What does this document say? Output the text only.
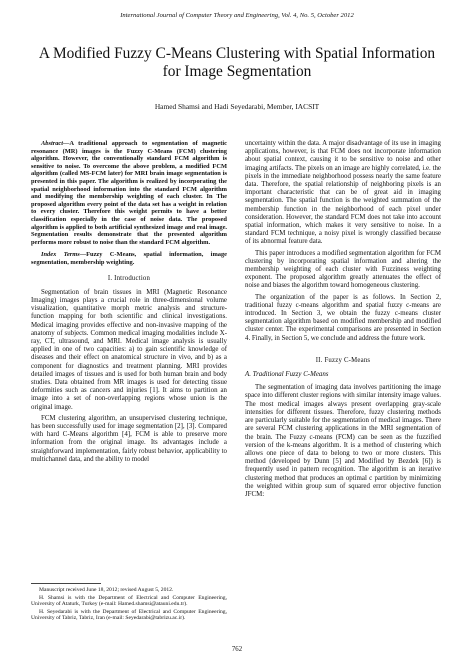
International Journal of Computer Theory and Engineering, Vol. 4, No. 5, October 2012
A Modified Fuzzy C-Means Clustering with Spatial Information for Image Segmentation
Hamed Shamsi and Hadi Seyedarabi, Member, IACSIT

Abstract—A traditional approach to segmentation of magnetic resonance (MR) images is the Fuzzy C-Means (FCM) clustering algorithm. However, the conventionally standard FCM algorithm is sensitive to noise. To overcome the above problem, a modified FCM algorithm (called MS-FCM later) for MRI brain image segmentation is presented in this paper. The algorithm is realized by incorporating the spatial neighborhood information into the standard FCM algorithm and modifying the membership weighting of each cluster. In The proposed algorithm every point of the data set has a weight in relation to every cluster. Therefore this weight permits to have a better classification especially in the case of noise data. The proposed algorithm is applied to both artificial synthesized image and real image. Segmentation results demonstrate that the presented algorithm performs more robust to noise than the standard FCM algorithm.

Index Terms—Fuzzy C-Means, spatial information, image segmentation, membership weighting.

I. Introduction

Segmentation of brain tissues in MRI (Magnetic Resonance Imaging) images plays a crucial role in three-dimensional volume visualization, quantitative morph metric analysis and structure-function mapping for both scientific and clinical investigations. Medical imaging provides effective and non-invasive mapping of the anatomy of subjects. Common medical imaging modalities include X-ray, CT, ultrasound, and MRI. Medical image analysis is usually applied in one of two capacities: a) to gain scientific knowledge of diseases and their effect on anatomical structure in vivo, and b) as a component for diagnostics and treatment planning. MRI provides detailed images of tissues and is used for both human brain and body studies. Data obtained from MR images is used for detecting tissue deformities such as cancers and injuries [1]. It aims to partition an image into a set of non-overlapping regions whose union is the original image.

FCM clustering algorithm, an unsupervised clustering technique, has been successfully used for image segmentation [2], [3]. Compared with hard C-Means algorithm [4], FCM is able to preserve more information from the original image. Its advantages include a straightforward implementation, fairly robust behavior, applicability to multichannel data, and the ability to model

Manuscript received June 18, 2012; revised August 5, 2012.

H. Shamsi is with the Department of Electrical and Computer Engineering, University of Ataturk, Turkey (e-mail: Hamed.shamsi@atauni.edu.tr).

H. Seyedarabi is with the Department of Electrical and Computer Engineering, University of Tabriz, Tabriz, Iran (e-mail: Seyedarabi@tabrizu.ac.ir).

uncertainty within the data. A major disadvantage of its use in imaging applications, however, is that FCM does not incorporate information about spatial context, causing it to be sensitive to noise and other imaging artifacts. The pixels on an image are highly correlated, i.e. the pixels in the immediate neighborhood possess nearly the same feature data. Therefore, the spatial relationship of neighboring pixels is an important characteristic that can be of great aid in imaging segmentation. The spatial function is the weighted summation of the membership function in the neighborhood of each pixel under consideration. However, the standard FCM does not take into account spatial information, which makes it very sensitive to noise. In a standard FCM technique, a noisy pixel is wrongly classified because of its abnormal feature data.

This paper introduces a modified segmentation algorithm for FCM clustering by incorporating spatial information and altering the membership weighting of each cluster with Fuzziness weighting exponent. The proposed algorithm greatly attenuates the effect of noise and biases the algorithm toward homogeneous clustering.

The organization of the paper is as follows. In Section 2, traditional fuzzy c-means algorithm and spatial fuzzy c-means are introduced. In Section 3, we obtain the fuzzy c-means cluster segmentation algorithm based on modified membership and modified cluster center. The experimental comparisons are presented in Section 4. Finally, in Section 5, we conclude and address the future work.

II. Fuzzy C-Means
A. Traditional Fuzzy C-Means

The segmentation of imaging data involves partitioning the image space into different cluster regions with similar intensity image values. The most medical images always present overlapping gray-scale intensities for different tissues. Therefore, fuzzy clustering methods are particularly suitable for the segmentation of medical images. There are several FCM clustering applications in the MRI segmentation of the brain. The Fuzzy c-means (FCM) can be seen as the fuzzified version of the k-means algorithm. It is a method of clustering which allows one piece of data to belong to two or more clusters. This method (developed by Dunn [5] and Modified by Bezdek [6]) is frequently used in pattern recognition. The algorithm is an iterative clustering method that produces an optimal c partition by minimizing the weighted within group sum of squared error objective function JFCM:

762
